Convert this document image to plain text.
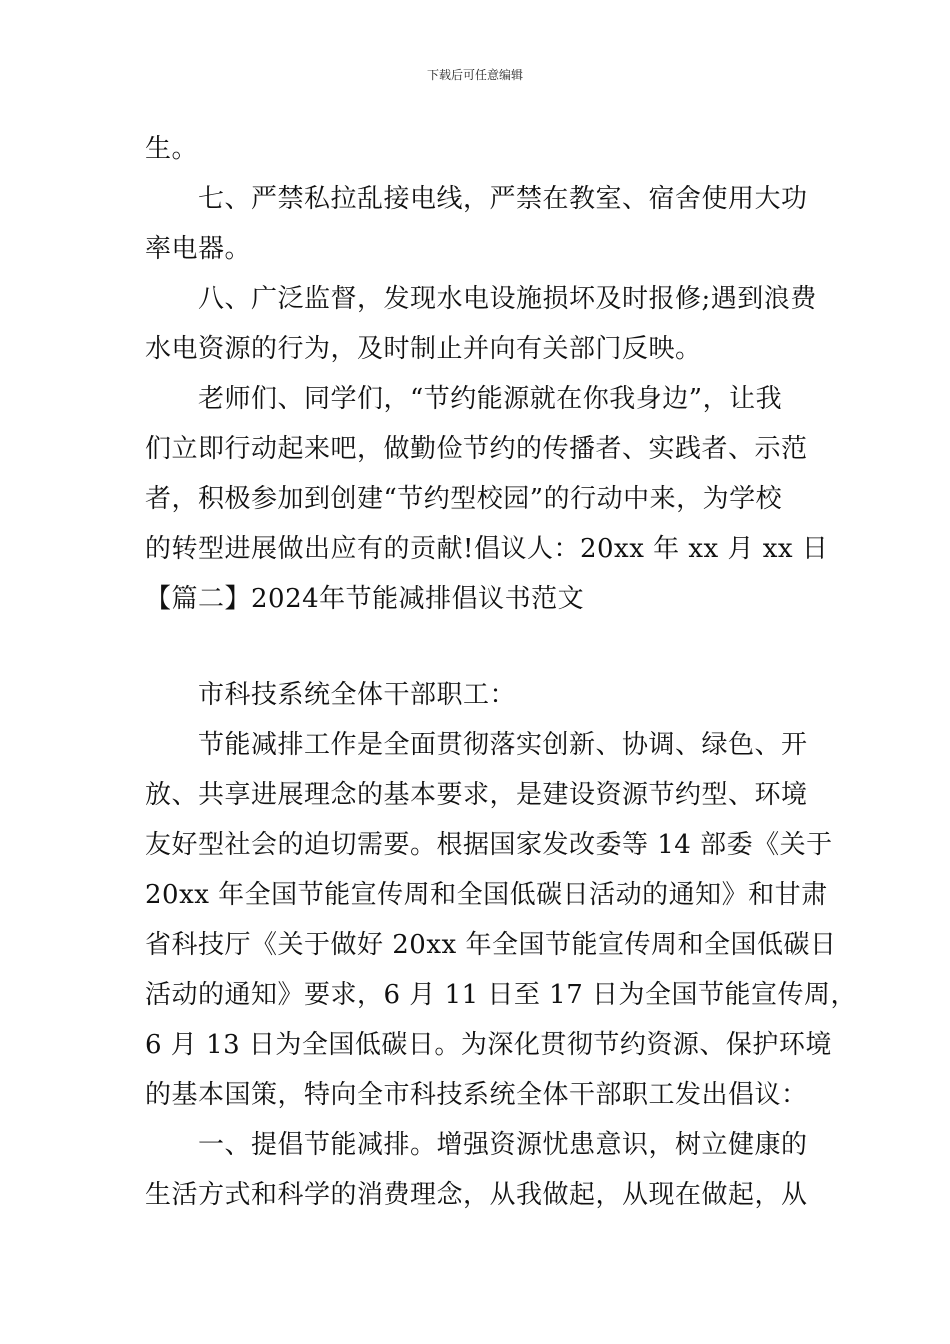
下载后可任意编辑
生。
七、严禁私拉乱接电线，严禁在教室、宿舍使用大功
率电器。
八、广泛监督，发现水电设施损坏及时报修;遇到浪费
水电资源的行为，及时制止并向有关部门反映。
老师们、同学们，“节约能源就在你我身边”，让我
们立即行动起来吧，做勤俭节约的传播者、实践者、示范
者，积极参加到创建“节约型校园”的行动中来，为学校
的转型进展做出应有的贡献!倡议人：20xx 年 xx 月 xx 日
【篇二】2024年节能减排倡议书范文
市科技系统全体干部职工：
节能减排工作是全面贯彻落实创新、协调、绿色、开
放、共享进展理念的基本要求，是建设资源节约型、环境
友好型社会的迫切需要。根据国家发改委等 14 部委《关于
20xx 年全国节能宣传周和全国低碳日活动的通知》和甘肃
省科技厅《关于做好 20xx 年全国节能宣传周和全国低碳日
活动的通知》要求，6 月 11 日至 17 日为全国节能宣传周，
6 月 13 日为全国低碳日。为深化贯彻节约资源、保护环境
的基本国策，特向全市科技系统全体干部职工发出倡议：
一、提倡节能减排。增强资源忧患意识，树立健康的
生活方式和科学的消费理念，从我做起，从现在做起，从
